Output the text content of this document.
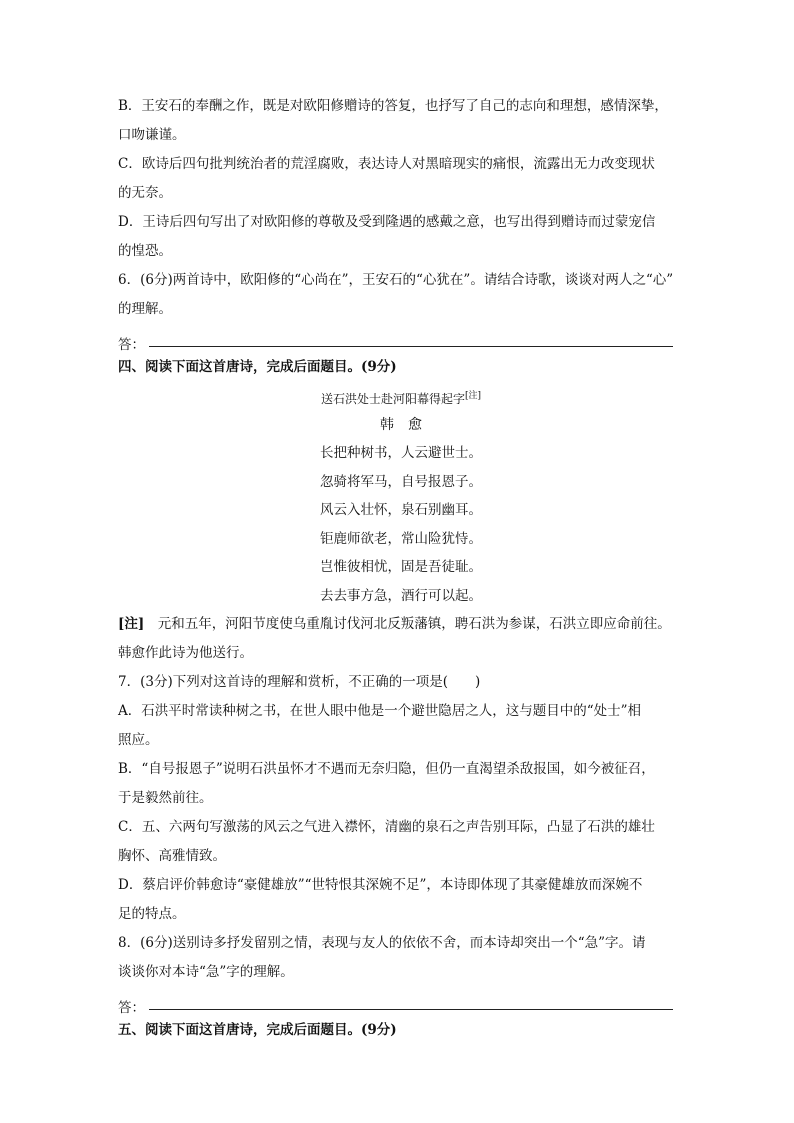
B．王安石的奉酬之作，既是对欧阳修赠诗的答复，也抒写了自己的志向和理想，感情深挚，

口吻谦谨。

C．欧诗后四句批判统治者的荒淫腐败，表达诗人对黑暗现实的痛恨，流露出无力改变现状

的无奈。

D．王诗后四句写出了对欧阳修的尊敬及受到隆遇的感戴之意，也写出得到赠诗而过蒙宠信

的惶恐。

6．(6分)两首诗中，欧阳修的“心尚在”，王安石的“心犹在”。请结合诗歌，谈谈对两人之“心”

的理解。

答：

四、阅读下面这首唐诗，完成后面题目。(9分)

送石洪处士赴河阳幕得起字[注]
韩愈
长把种树书，人云避世士。
忽骑将军马，自号报恩子。
风云入壮怀，泉石别幽耳。
钜鹿师欲老，常山险犹恃。
岂惟彼相忧，固是吾徒耻。
去去事方急，酒行可以起。

[注]　元和五年，河阳节度使乌重胤讨伐河北反叛藩镇，聘石洪为参谋，石洪立即应命前往。

韩愈作此诗为他送行。

7．(3分)下列对这首诗的理解和赏析，不正确的一项是(　　)

A．石洪平时常读种树之书，在世人眼中他是一个避世隐居之人，这与题目中的“处士”相

照应。

B．“自号报恩子”说明石洪虽怀才不遇而无奈归隐，但仍一直渴望杀敌报国，如今被征召，

于是毅然前往。

C．五、六两句写激荡的风云之气进入襟怀，清幽的泉石之声告别耳际，凸显了石洪的雄壮

胸怀、高雅情致。

D．蔡启评价韩愈诗“豪健雄放”“世特恨其深婉不足”，本诗即体现了其豪健雄放而深婉不

足的特点。

8．(6分)送别诗多抒发留别之情，表现与友人的依依不舍，而本诗却突出一个“急”字。请

谈谈你对本诗“急”字的理解。

答：

五、阅读下面这首唐诗，完成后面题目。(9分)
